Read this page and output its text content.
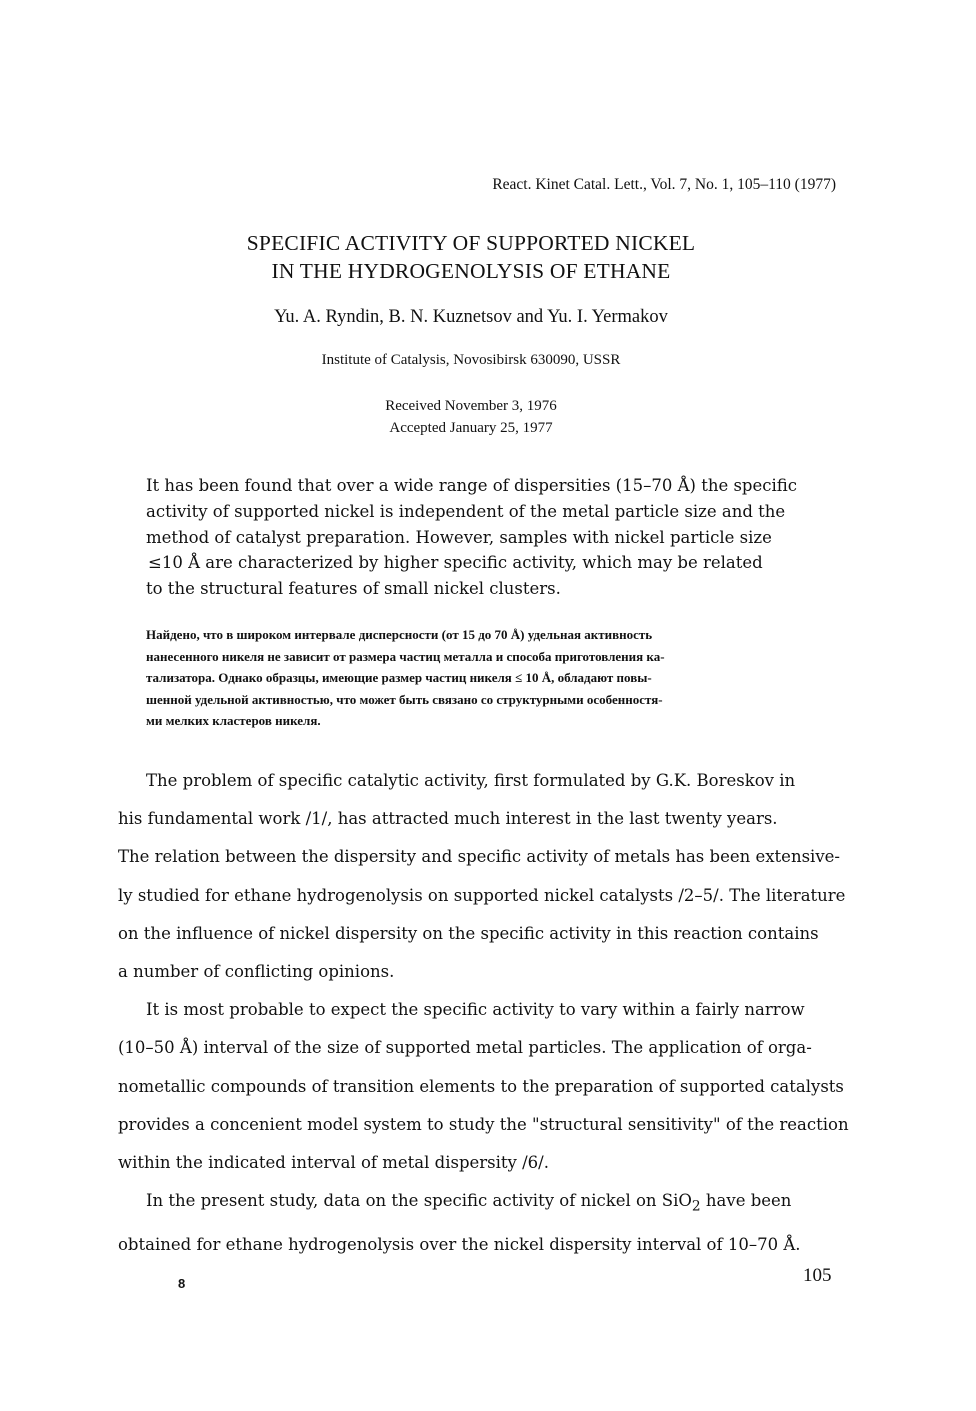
React. Kinet Catal. Lett., Vol. 7, No. 1, 105–110 (1977)
SPECIFIC ACTIVITY OF SUPPORTED NICKEL
IN THE HYDROGENOLYSIS OF ETHANE
Yu. A. Ryndin, B. N. Kuznetsov and Yu. I. Yermakov
Institute of Catalysis, Novosibirsk 630090, USSR
Received November 3, 1976
Accepted January 25, 1977
It has been found that over a wide range of dispersities (15–70 Å) the specific
activity of supported nickel is independent of the metal particle size and the
method of catalyst preparation. However, samples with nickel particle size
≤10 Å are characterized by higher specific activity, which may be related
to the structural features of small nickel clusters.
Найдено, что в широком интервале дисперсности (от 15 до 70 Å) удельная активность
нанесенного никеля не зависит от размера частиц металла и способа приготовления ка-
тализатора. Однако образцы, имеющие размер частиц никеля ≤ 10 Å, обладают повы-
шенной удельной активностью, что может быть связано со структурными особенностя-
ми мелких кластеров никеля.
The problem of specific catalytic activity, first formulated by G.K. Boreskov in
his fundamental work /1/, has attracted much interest in the last twenty years.
The relation between the dispersity and specific activity of metals has been extensive-
ly studied for ethane hydrogenolysis on supported nickel catalysts /2–5/. The literature
on the influence of nickel dispersity on the specific activity in this reaction contains
a number of conflicting opinions.
It is most probable to expect the specific activity to vary within a fairly narrow
(10–50 Å) interval of the size of supported metal particles. The application of orga-
nometallic compounds of transition elements to the preparation of supported catalysts
provides a concenient model system to study the "structural sensitivity" of the reaction
within the indicated interval of metal dispersity /6/.
In the present study, data on the specific activity of nickel on SiO$_2$ have been
obtained for ethane hydrogenolysis over the nickel dispersity interval of 10–70 Å.
8	105
